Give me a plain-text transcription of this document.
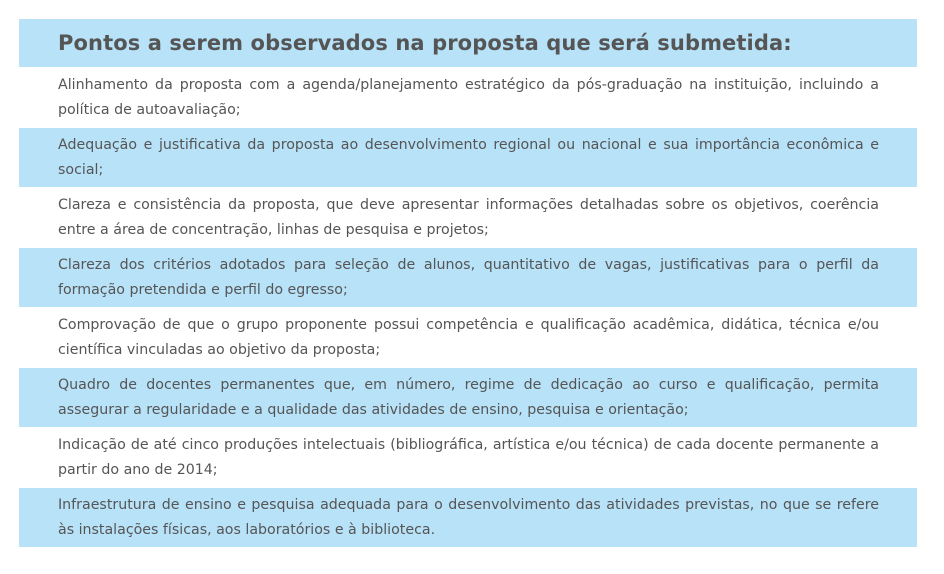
Pontos a serem observados na proposta que será submetida:

Alinhamento da proposta com a agenda/planejamento estratégico da pós-graduação na instituição, incluindo a política de autoavaliação;

Adequação e justificativa da proposta ao desenvolvimento regional ou nacional e sua importância econômica e social;

Clareza e consistência da proposta, que deve apresentar informações detalhadas sobre os objetivos, coerência entre a área de concentração, linhas de pesquisa e projetos;

Clareza dos critérios adotados para seleção de alunos, quantitativo de vagas, justificativas para o perfil da formação pretendida e perfil do egresso;

Comprovação de que o grupo proponente possui competência e qualificação acadêmica, didática, técnica e/ou científica vinculadas ao objetivo da proposta;

Quadro de docentes permanentes que, em número, regime de dedicação ao curso e qualificação, permita assegurar a regularidade e a qualidade das atividades de ensino, pesquisa e orientação;

Indicação de até cinco produções intelectuais (bibliográfica, artística e/ou técnica) de cada docente permanente a partir do ano de 2014;

Infraestrutura de ensino e pesquisa adequada para o desenvolvimento das atividades previstas, no que se refere às instalações físicas, aos laboratórios e à biblioteca.
